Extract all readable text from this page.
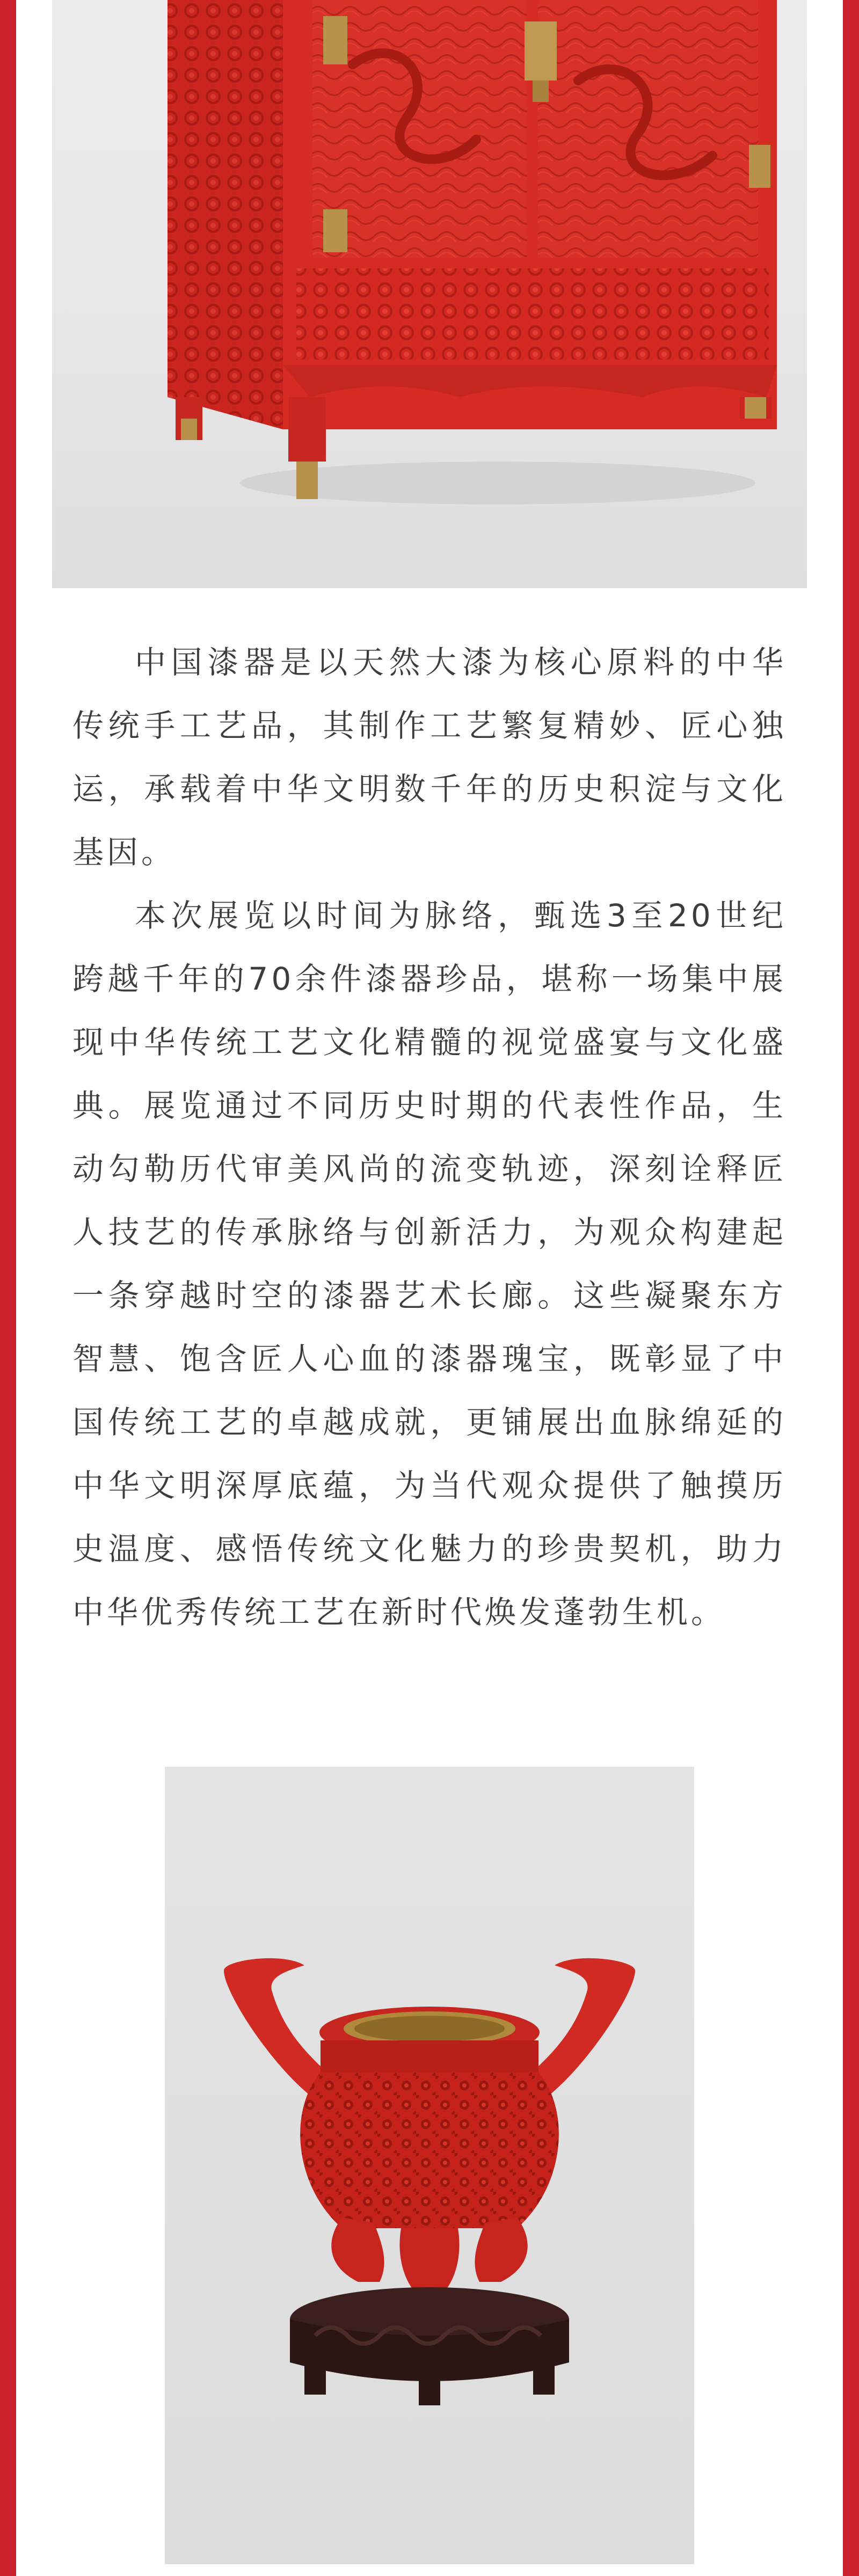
中国漆器是以天然大漆为核心原料的中华传统手工艺品，其制作工艺繁复精妙、匠心独运，承载着中华文明数千年的历史积淀与文化基因。

本次展览以时间为脉络，甄选3至20世纪跨越千年的70余件漆器珍品，堪称一场集中展现中华传统工艺文化精髓的视觉盛宴与文化盛典。展览通过不同历史时期的代表性作品，生动勾勒历代审美风尚的流变轨迹，深刻诠释匠人技艺的传承脉络与创新活力，为观众构建起一条穿越时空的漆器艺术长廊。这些凝聚东方智慧、饱含匠人心血的漆器瑰宝，既彰显了中国传统工艺的卓越成就，更铺展出血脉绵延的中华文明深厚底蕴，为当代观众提供了触摸历史温度、感悟传统文化魅力的珍贵契机，助力中华优秀传统工艺在新时代焕发蓬勃生机。
